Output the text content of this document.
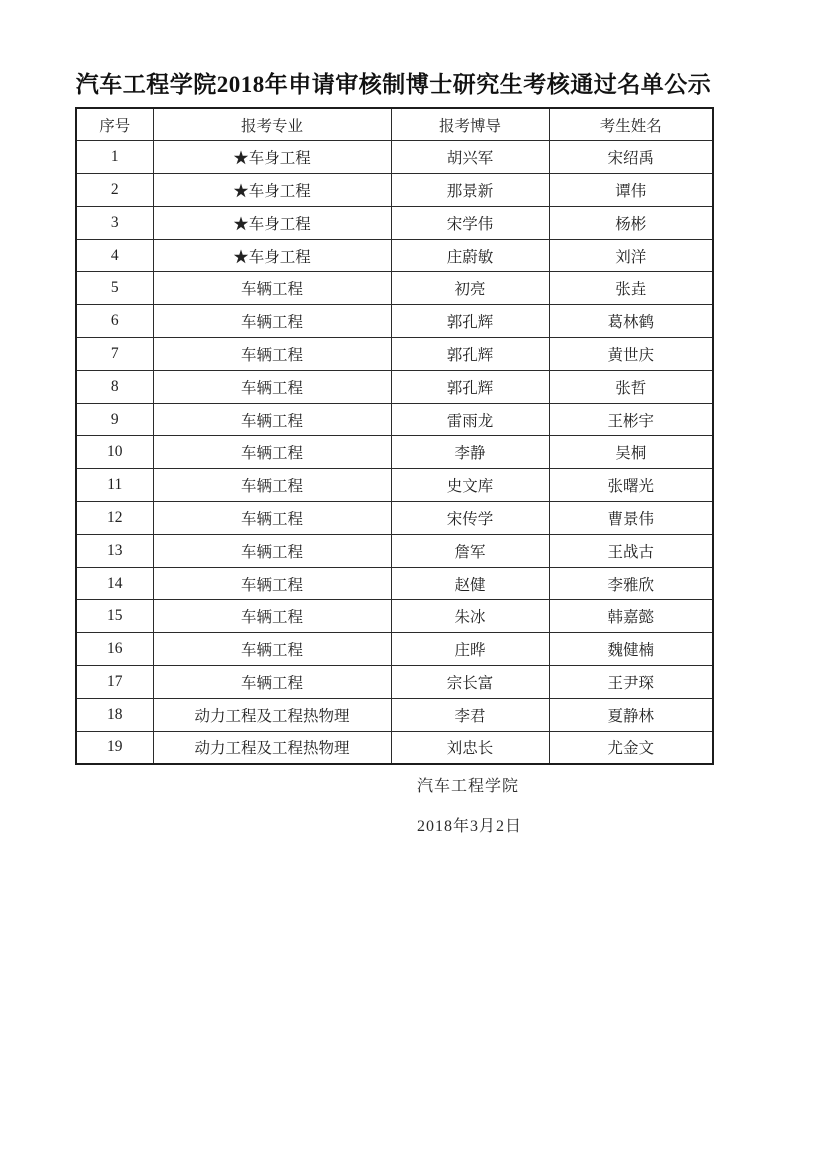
汽车工程学院2018年申请审核制博士研究生考核通过名单公示
序号	报考专业	报考博导	考生姓名
1	★车身工程	胡兴军	宋绍禹
2	★车身工程	那景新	谭伟
3	★车身工程	宋学伟	杨彬
4	★车身工程	庄蔚敏	刘洋
5	车辆工程	初亮	张垚
6	车辆工程	郭孔辉	葛林鹤
7	车辆工程	郭孔辉	黄世庆
8	车辆工程	郭孔辉	张哲
9	车辆工程	雷雨龙	王彬宇
10	车辆工程	李静	吴桐
11	车辆工程	史文库	张曙光
12	车辆工程	宋传学	曹景伟
13	车辆工程	詹军	王战古
14	车辆工程	赵健	李雅欣
15	车辆工程	朱冰	韩嘉懿
16	车辆工程	庄晔	魏健楠
17	车辆工程	宗长富	王尹琛
18	动力工程及工程热物理	李君	夏静林
19	动力工程及工程热物理	刘忠长	尤金文
汽车工程学院
2018年3月2日
